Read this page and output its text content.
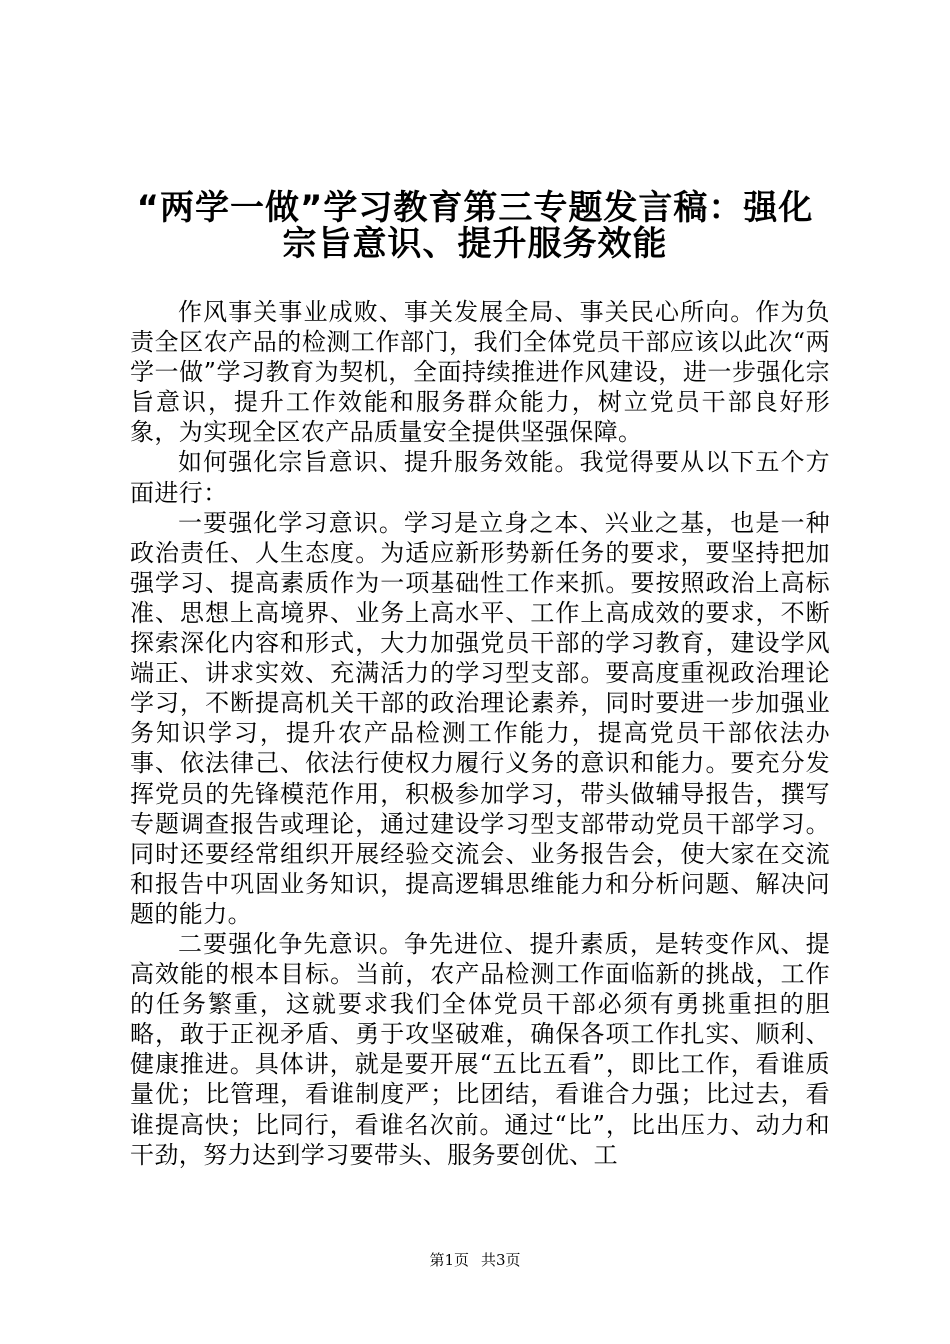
“两学一做”学习教育第三专题发言稿：强化
宗旨意识、提升服务效能

作风事关事业成败、事关发展全局、事关民心所向。作为负责全区农产品的检测工作部门，我们全体党员干部应该以此次“两学一做”学习教育为契机，全面持续推进作风建设，进一步强化宗旨意识，提升工作效能和服务群众能力，树立党员干部良好形象，为实现全区农产品质量安全提供坚强保障。

如何强化宗旨意识、提升服务效能。我觉得要从以下五个方面进行：

一要强化学习意识。学习是立身之本、兴业之基，也是一种政治责任、人生态度。为适应新形势新任务的要求，要坚持把加强学习、提高素质作为一项基础性工作来抓。要按照政治上高标准、思想上高境界、业务上高水平、工作上高成效的要求，不断探索深化内容和形式，大力加强党员干部的学习教育，建设学风端正、讲求实效、充满活力的学习型支部。要高度重视政治理论学习，不断提高机关干部的政治理论素养，同时要进一步加强业务知识学习，提升农产品检测工作能力，提高党员干部依法办事、依法律己、依法行使权力履行义务的意识和能力。要充分发挥党员的先锋模范作用，积极参加学习，带头做辅导报告，撰写专题调查报告或理论，通过建设学习型支部带动党员干部学习。同时还要经常组织开展经验交流会、业务报告会，使大家在交流和报告中巩固业务知识，提高逻辑思维能力和分析问题、解决问题的能力。

二要强化争先意识。争先进位、提升素质，是转变作风、提高效能的根本目标。当前，农产品检测工作面临新的挑战，工作的任务繁重，这就要求我们全体党员干部必须有勇挑重担的胆略，敢于正视矛盾、勇于攻坚破难，确保各项工作扎实、顺利、健康推进。具体讲，就是要开展“五比五看”，即比工作，看谁质量优；比管理，看谁制度严；比团结，看谁合力强；比过去，看谁提高快；比同行，看谁名次前。通过“比”，比出压力、动力和干劲，努力达到学习要带头、服务要创优、工

第1页 共3页
